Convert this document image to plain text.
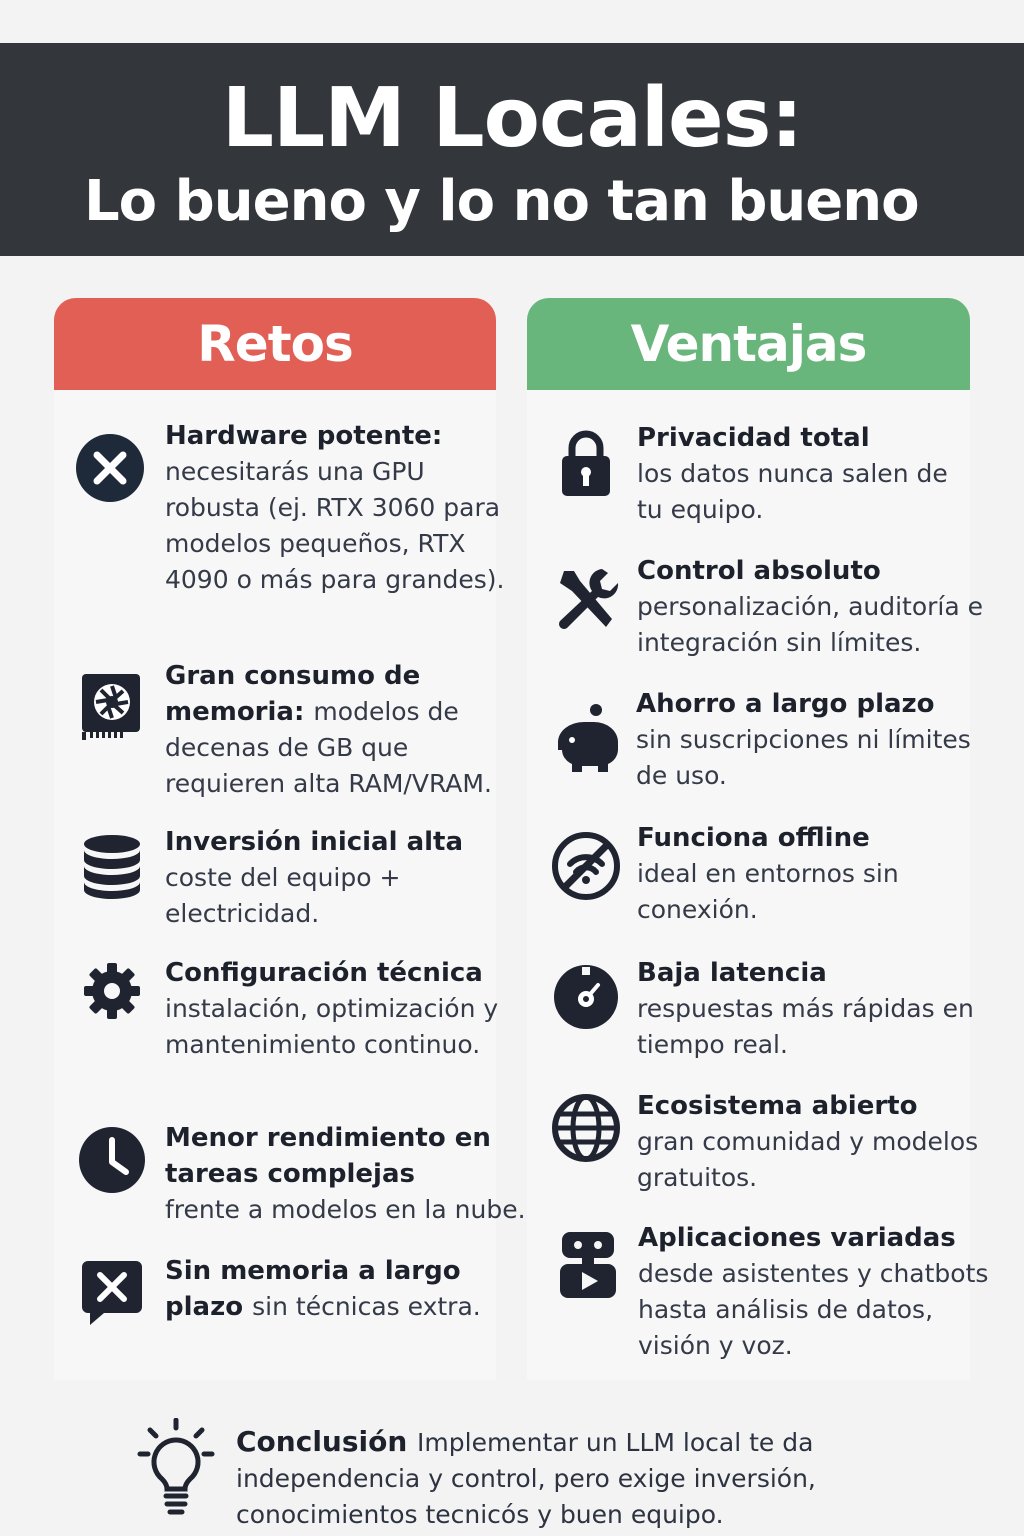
LLM Locales:
Lo bueno y lo no tan bueno
Retos	Ventajas
Hardware potente:
necesitarás una GPU robusta (ej. RTX 3060 para modelos pequeños, RTX 4090 o más para grandes).
Gran consumo de memoria: modelos de decenas de GB que requieren alta RAM/VRAM.
Inversión inicial alta
coste del equipo + electricidad.
Configuración técnica
instalación, optimización y mantenimiento continuo.
Menor rendimiento en tareas complejas
frente a modelos en la nube.
Sin memoria a largo plazo sin técnicas extra.
Privacidad total
los datos nunca salen de tu equipo.
Control absoluto
personalización, auditoría e integración sin límites.
Ahorro a largo plazo
sin suscripciones ni límites de uso.
Funciona offline
ideal en entornos sin conexión.
Baja latencia
respuestas más rápidas en tiempo real.
Ecosistema abierto
gran comunidad y modelos gratuitos.
Aplicaciones variadas
desde asistentes y chatbots hasta análisis de datos, visión y voz.
Conclusión Implementar un LLM local te da independencia y control, pero exige inversión, conocimientos tecnicós y buen equipo.
